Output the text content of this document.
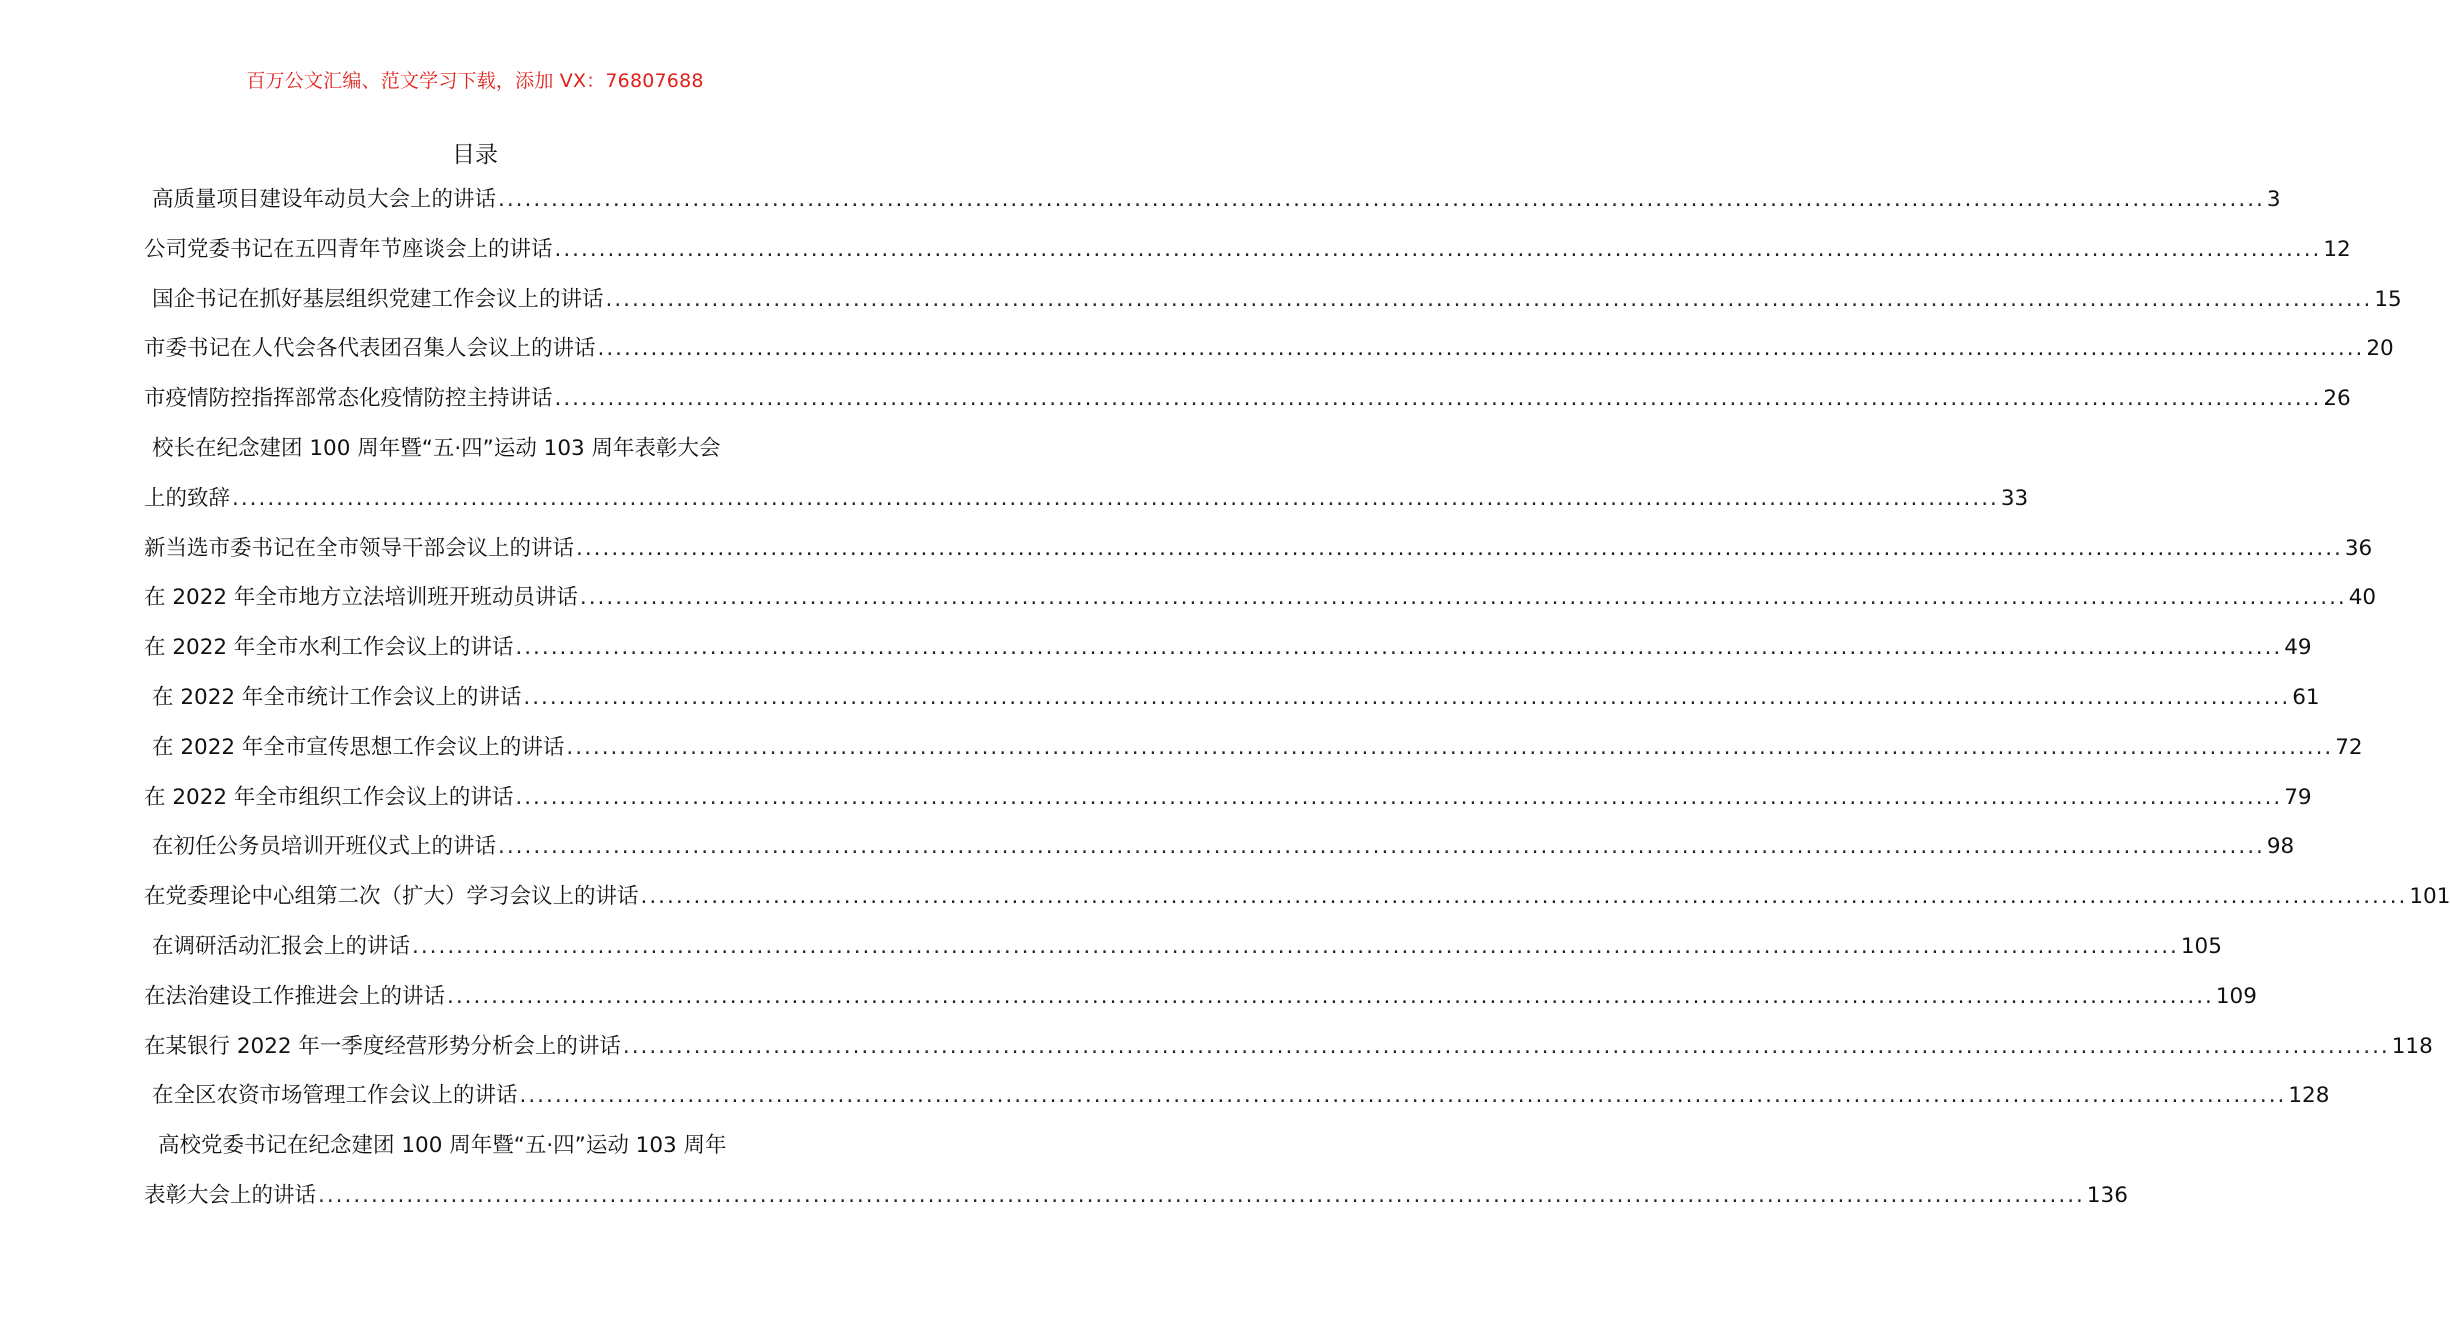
百万公文汇编、范文学习下载，添加 VX：76807688
目录
高质量项目建设年动员大会上的讲话 ........................................................................................................................................................................................................ 3
公司党委书记在五四青年节座谈会上的讲话 ........................................................................................................................................................................................................ 12
国企书记在抓好基层组织党建工作会议上的讲话 ........................................................................................................................................................................................................ 15
市委书记在人代会各代表团召集人会议上的讲话 ........................................................................................................................................................................................................ 20
市疫情防控指挥部常态化疫情防控主持讲话 ........................................................................................................................................................................................................ 26
校长在纪念建团 100 周年暨“五·四”运动 103 周年表彰大会
上的致辞 ........................................................................................................................................................................................................ 33
新当选市委书记在全市领导干部会议上的讲话 ........................................................................................................................................................................................................ 36
在 2022 年全市地方立法培训班开班动员讲话 ........................................................................................................................................................................................................ 40
在 2022 年全市水利工作会议上的讲话 ........................................................................................................................................................................................................ 49
在 2022 年全市统计工作会议上的讲话 ........................................................................................................................................................................................................ 61
在 2022 年全市宣传思想工作会议上的讲话 ........................................................................................................................................................................................................ 72
在 2022 年全市组织工作会议上的讲话 ........................................................................................................................................................................................................ 79
在初任公务员培训开班仪式上的讲话 ........................................................................................................................................................................................................ 98
在党委理论中心组第二次（扩大）学习会议上的讲话 ........................................................................................................................................................................................................ 101
在调研活动汇报会上的讲话 ........................................................................................................................................................................................................ 105
在法治建设工作推进会上的讲话 ........................................................................................................................................................................................................ 109
在某银行 2022 年一季度经营形势分析会上的讲话 ........................................................................................................................................................................................................ 118
在全区农资市场管理工作会议上的讲话 ........................................................................................................................................................................................................ 128
高校党委书记在纪念建团 100 周年暨“五·四”运动 103 周年
表彰大会上的讲话 ........................................................................................................................................................................................................ 136
